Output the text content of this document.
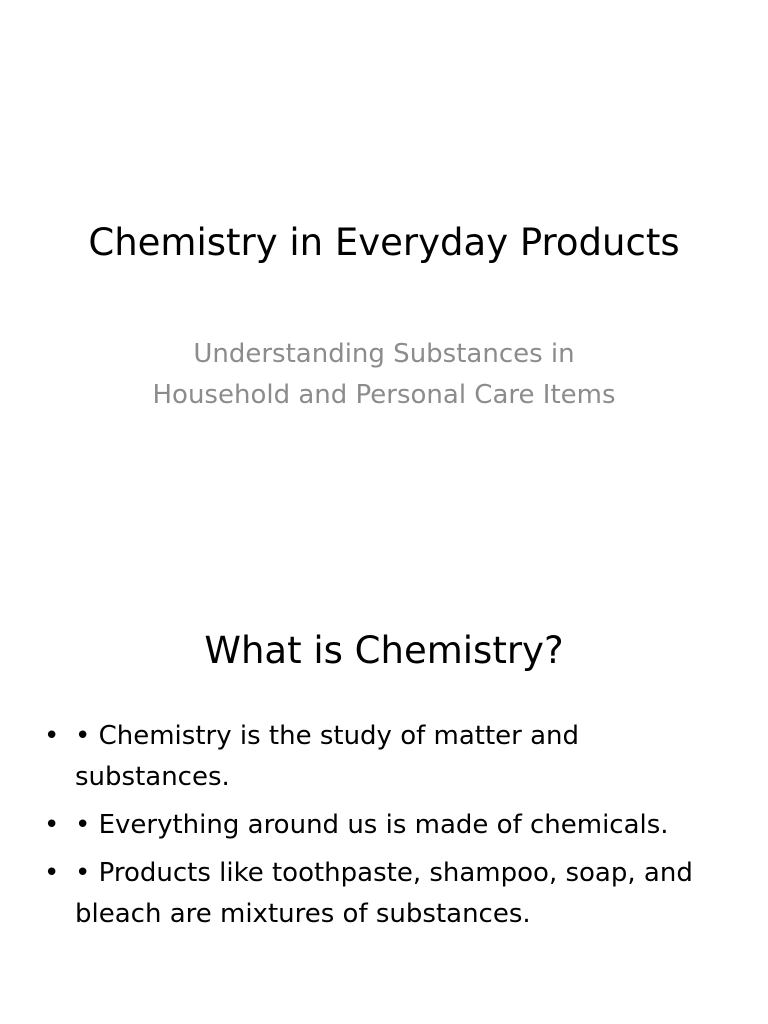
Chemistry in Everyday Products
Understanding Substances in
Household and Personal Care Items
What is Chemistry?
• • Chemistry is the study of matter and substances.
• • Everything around us is made of chemicals.
• • Products like toothpaste, shampoo, soap, and bleach are mixtures of substances.
